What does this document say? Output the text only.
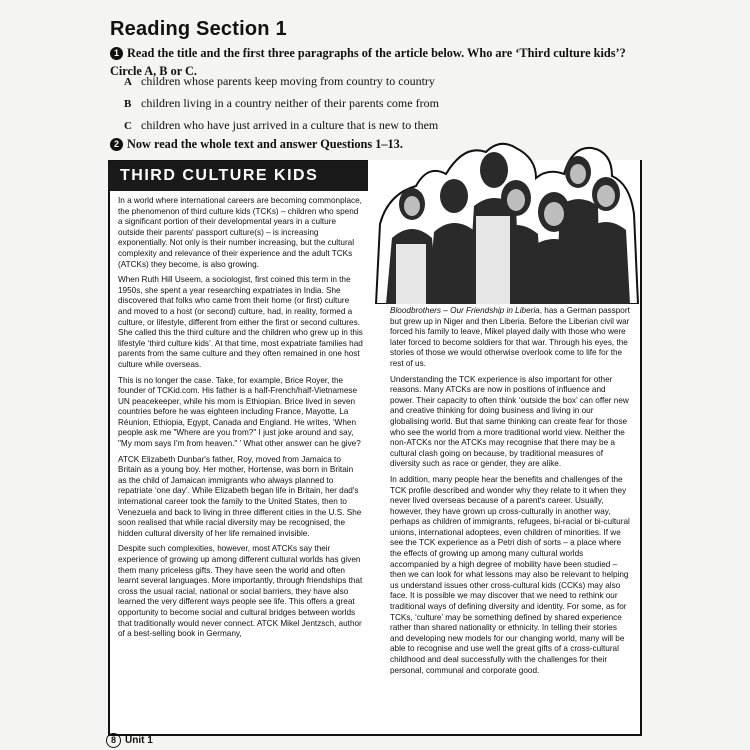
Reading Section 1
1 Read the title and the first three paragraphs of the article below. Who are ‘Third culture kids’? Circle A, B or C.
A children whose parents keep moving from country to country
B children living in a country neither of their parents come from
C children who have just arrived in a culture that is new to them
2 Now read the whole text and answer Questions 1–13.
THIRD CULTURE KIDS

In a world where international careers are becoming commonplace, the phenomenon of third culture kids (TCKs) – children who spend a significant portion of their developmental years in a culture outside their parents' passport culture(s) – is increasing exponentially. Not only is their number increasing, but the cultural complexity and relevance of their experience and the adult TCKs (ATCKs) they become, is also growing.

When Ruth Hill Useem, a sociologist, first coined this term in the 1950s, she spent a year researching expatriates in India. She discovered that folks who came from their home (or first) culture and moved to a host (or second) culture, had, in reality, formed a culture, or lifestyle, different from either the first or second cultures. She called this the third culture and the children who grew up in this lifestyle ‘third culture kids’. At that time, most expatriate families had parents from the same culture and they often remained in one host culture while overseas.

This is no longer the case. Take, for example, Brice Royer, the founder of TCKid.com. His father is a half-French/half-Vietnamese UN peacekeeper, while his mom is Ethiopian. Brice lived in seven countries before he was eighteen including France, Mayotte, La Réunion, Ethiopia, Egypt, Canada and England. He writes, ‘When people ask me "Where are you from?" I just joke around and say, "My mom says I'm from heaven." ’ What other answer can he give?

ATCK Elizabeth Dunbar's father, Roy, moved from Jamaica to Britain as a young boy. Her mother, Hortense, was born in Britain as the child of Jamaican immigrants who always planned to repatriate ‘one day’. While Elizabeth began life in Britain, her dad's international career took the family to the United States, then to Venezuela and back to living in three different cities in the U.S. She soon realised that while racial diversity may be recognised, the hidden cultural diversity of her life remained invisible.

Despite such complexities, however, most ATCKs say their experience of growing up among different cultural worlds has given them many priceless gifts. They have seen the world and often learnt several languages. More importantly, through friendships that cross the usual racial, national or social barriers, they have also learned the very different ways people see life. This offers a great opportunity to become social and cultural bridges between worlds that traditionally would never connect. ATCK Mikel Jentzsch, author of a best-selling book in Germany,

Bloodbrothers – Our Friendship in Liberia, has a German passport but grew up in Niger and then Liberia. Before the Liberian civil war forced his family to leave, Mikel played daily with those who were later forced to become soldiers for that war. Through his eyes, the stories of those we would otherwise overlook come to life for the rest of us.

Understanding the TCK experience is also important for other reasons. Many ATCKs are now in positions of influence and power. Their capacity to often think ‘outside the box’ can offer new and creative thinking for doing business and living in our globalising world. But that same thinking can create fear for those who see the world from a more traditional world view. Neither the non-ATCKs nor the ATCKs may recognise that there may be a cultural clash going on because, by traditional measures of diversity such as race or gender, they are alike.

In addition, many people hear the benefits and challenges of the TCK profile described and wonder why they relate to it when they never lived overseas because of a parent's career. Usually, however, they have grown up cross-culturally in another way, perhaps as children of immigrants, refugees, bi-racial or bi-cultural unions, international adoptees, even children of minorities. If we see the TCK experience as a Petri dish of sorts – a place where the effects of growing up among many cultural worlds accompanied by a high degree of mobility have been studied – then we can look for what lessons may also be relevant to helping us understand issues other cross-cultural kids (CCKs) may also face. It is possible we may discover that we need to rethink our traditional ways of defining diversity and identity. For some, as for TCKs, ‘culture’ may be something defined by shared experience rather than shared nationality or ethnicity. In telling their stories and developing new models for our changing world, many will be able to recognise and use well the great gifts of a cross-cultural childhood and deal successfully with the challenges for their personal, communal and corporate good.

8 Unit 1
